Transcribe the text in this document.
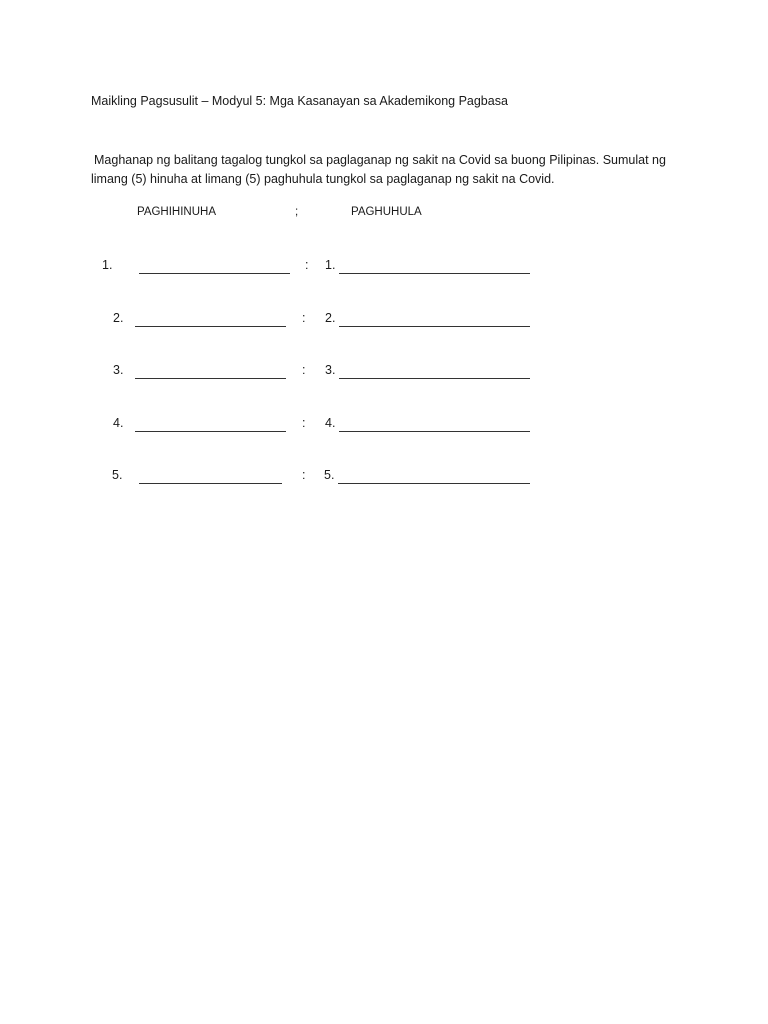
Maikling Pagsusulit – Modyul 5: Mga Kasanayan sa Akademikong Pagbasa
Maghanap ng balitang tagalog tungkol sa paglaganap ng sakit na Covid sa buong Pilipinas. Sumulat ng
limang (5) hinuha at limang (5) paghuhula tungkol sa paglaganap ng sakit na Covid.
PAGHIHINUHA	;	PAGHUHULA
1.	: 1.
2.	: 2.
3.	: 3.
4.	: 4.
5.	: 5.
